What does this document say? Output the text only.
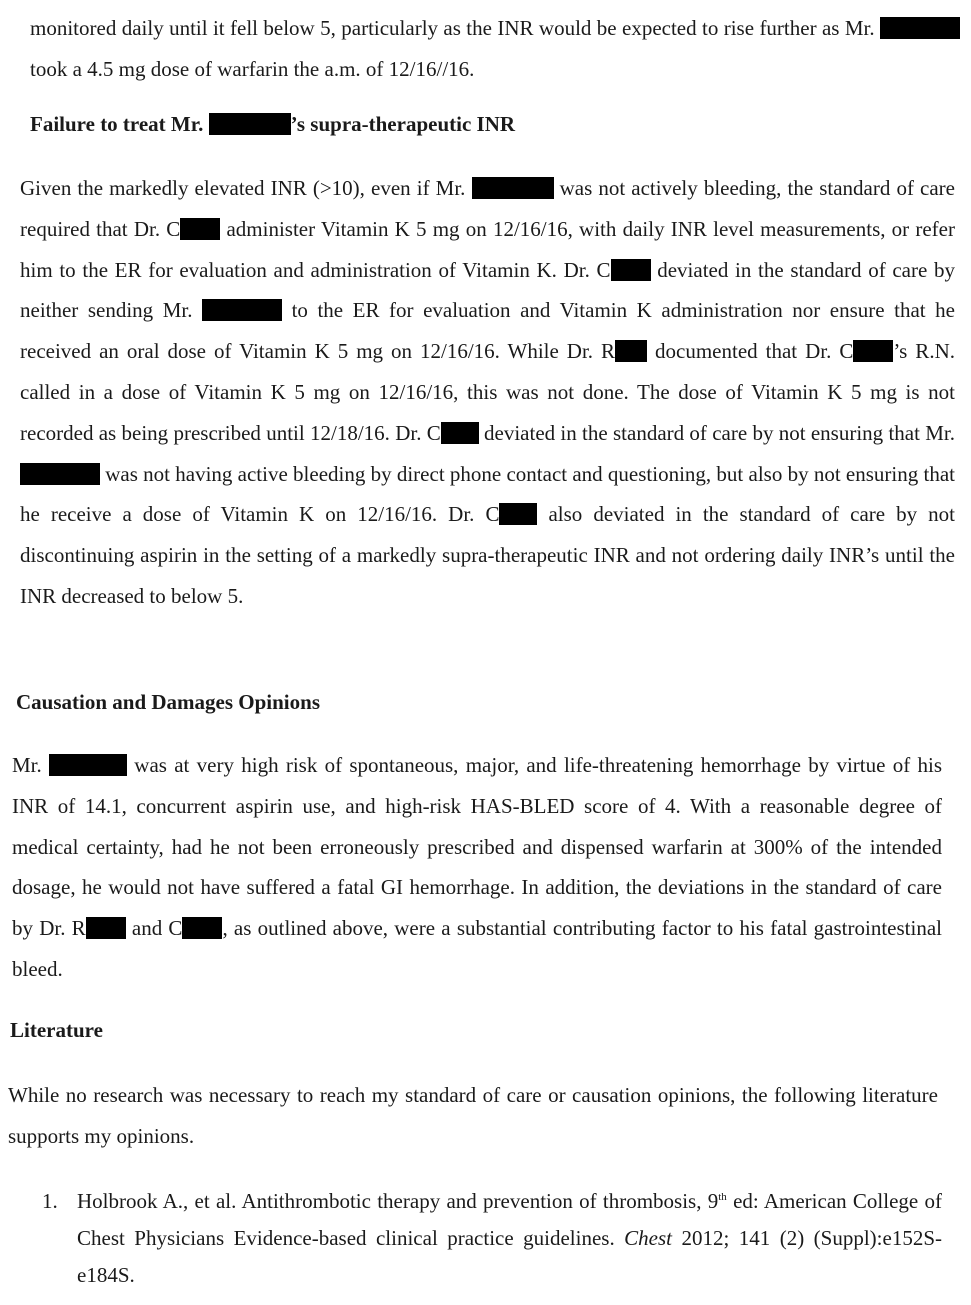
monitored daily until it fell below 5, particularly as the INR would be expected to rise further as Mr.  took a 4.5 mg dose of warfarin the a.m. of 12/16//16.

Failure to treat Mr.	’s supra-therapeutic INR

Given the markedly elevated INR (>10), even if Mr.	was not actively bleeding, the standard of care required that Dr. C administer Vitamin K 5 mg on 12/16/16, with daily INR level measurements, or refer him to the ER for evaluation and administration of Vitamin K. Dr. C deviated in the standard of care by neither sending Mr.	to the ER for evaluation and Vitamin K administration nor ensure that he received an oral dose of Vitamin K 5 mg on 12/16/16. While Dr. R documented that Dr. C ’s R.N. called in a dose of Vitamin K 5 mg on 12/16/16, this was not done. The dose of Vitamin K 5 mg is not recorded as being prescribed until 12/18/16. Dr. C deviated in the standard of care by not ensuring that Mr.  was not having active bleeding by direct phone contact and questioning, but also by not ensuring that he receive a dose of Vitamin K on 12/16/16. Dr. C also deviated in the standard of care by not discontinuing aspirin in the setting of a markedly supra-therapeutic INR and not ordering daily INR’s until the INR decreased to below 5.

Causation and Damages Opinions

Mr.	was at very high risk of spontaneous, major, and life-threatening hemorrhage by virtue of his INR of 14.1, concurrent aspirin use, and high-risk HAS-BLED score of 4. With a reasonable degree of medical certainty, had he not been erroneously prescribed and dispensed warfarin at 300% of the intended dosage, he would not have suffered a fatal GI hemorrhage. In addition, the deviations in the standard of care by Dr. R and C , as outlined above, were a substantial contributing factor to his fatal gastrointestinal bleed.

Literature

While no research was necessary to reach my standard of care or causation opinions, the following literature supports my opinions.

1. Holbrook A., et al. Antithrombotic therapy and prevention of thrombosis, 9th ed: American College of Chest Physicians Evidence-based clinical practice guidelines. Chest 2012; 141 (2) (Suppl):e152S-e184S.
